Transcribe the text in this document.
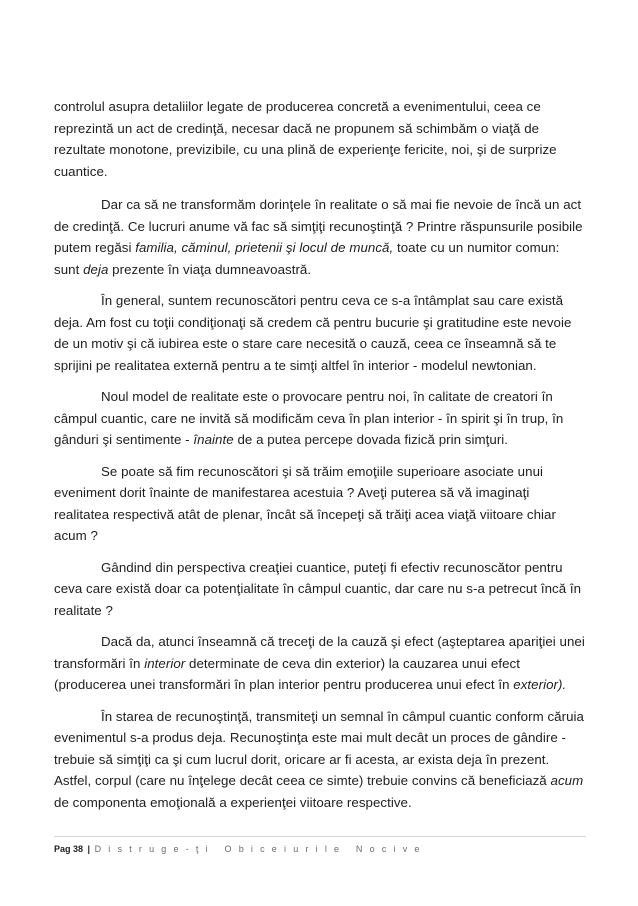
controlul asupra detaliilor legate de producerea concretă a evenimentului, ceea ce reprezintă un act de credinţă, necesar dacă ne propunem să schimbăm o viaţă de rezultate monotone, previzibile, cu una plină de experienţe fericite, noi, şi de surprize cuantice.

Dar ca să ne transformăm dorinţele în realitate o să mai fie nevoie de încă un act de credinţă. Ce lucruri anume vă fac să simţiţi recunoştinţă ? Printre răspunsurile posibile putem regăsi familia, căminul, prietenii şi locul de muncă, toate cu un numitor comun: sunt deja prezente în viaţa dumneavoastră.

În general, suntem recunoscători pentru ceva ce s-a întâmplat sau care există deja. Am fost cu toţii condiţionaţi să credem că pentru bucurie şi gratitudine este nevoie de un motiv şi că iubirea este o stare care necesită o cauză, ceea ce înseamnă să te sprijini pe realitatea externă pentru a te simţi altfel în interior - modelul newtonian.

Noul model de realitate este o provocare pentru noi, în calitate de creatori în câmpul cuantic, care ne invită să modificăm ceva în plan interior - în spirit şi în trup, în gânduri şi sentimente - înainte de a putea percepe dovada fizică prin simţuri.

Se poate să fim recunoscători şi să trăim emoţiile superioare asociate unui eveniment dorit înainte de manifestarea acestuia ? Aveţi puterea să vă imaginaţi realitatea respectivă atât de plenar, încât să începeţi să trăiţi acea viaţă viitoare chiar acum ?

Gândind din perspectiva creaţiei cuantice, puteţi fi efectiv recunoscător pentru ceva care există doar ca potenţialitate în câmpul cuantic, dar care nu s-a petrecut încă în realitate ?

Dacă da, atunci înseamnă că treceţi de la cauză şi efect (aşteptarea apariţiei unei transformări în interior determinate de ceva din exterior) la cauzarea unui efect (producerea unei transformări în plan interior pentru producerea unui efect în exterior).

În starea de recunoştinţă, transmiteţi un semnal în câmpul cuantic conform căruia evenimentul s-a produs deja. Recunoştinţa este mai mult decât un proces de gândire - trebuie să simţiţi ca şi cum lucrul dorit, oricare ar fi acesta, ar exista deja în prezent. Astfel, corpul (care nu înţelege decât ceea ce simte) trebuie convins că beneficiază acum de componenta emoţională a experienţei viitoare respective.

Pag 38 | Distruge-ţi Obiceiurile Nocive
